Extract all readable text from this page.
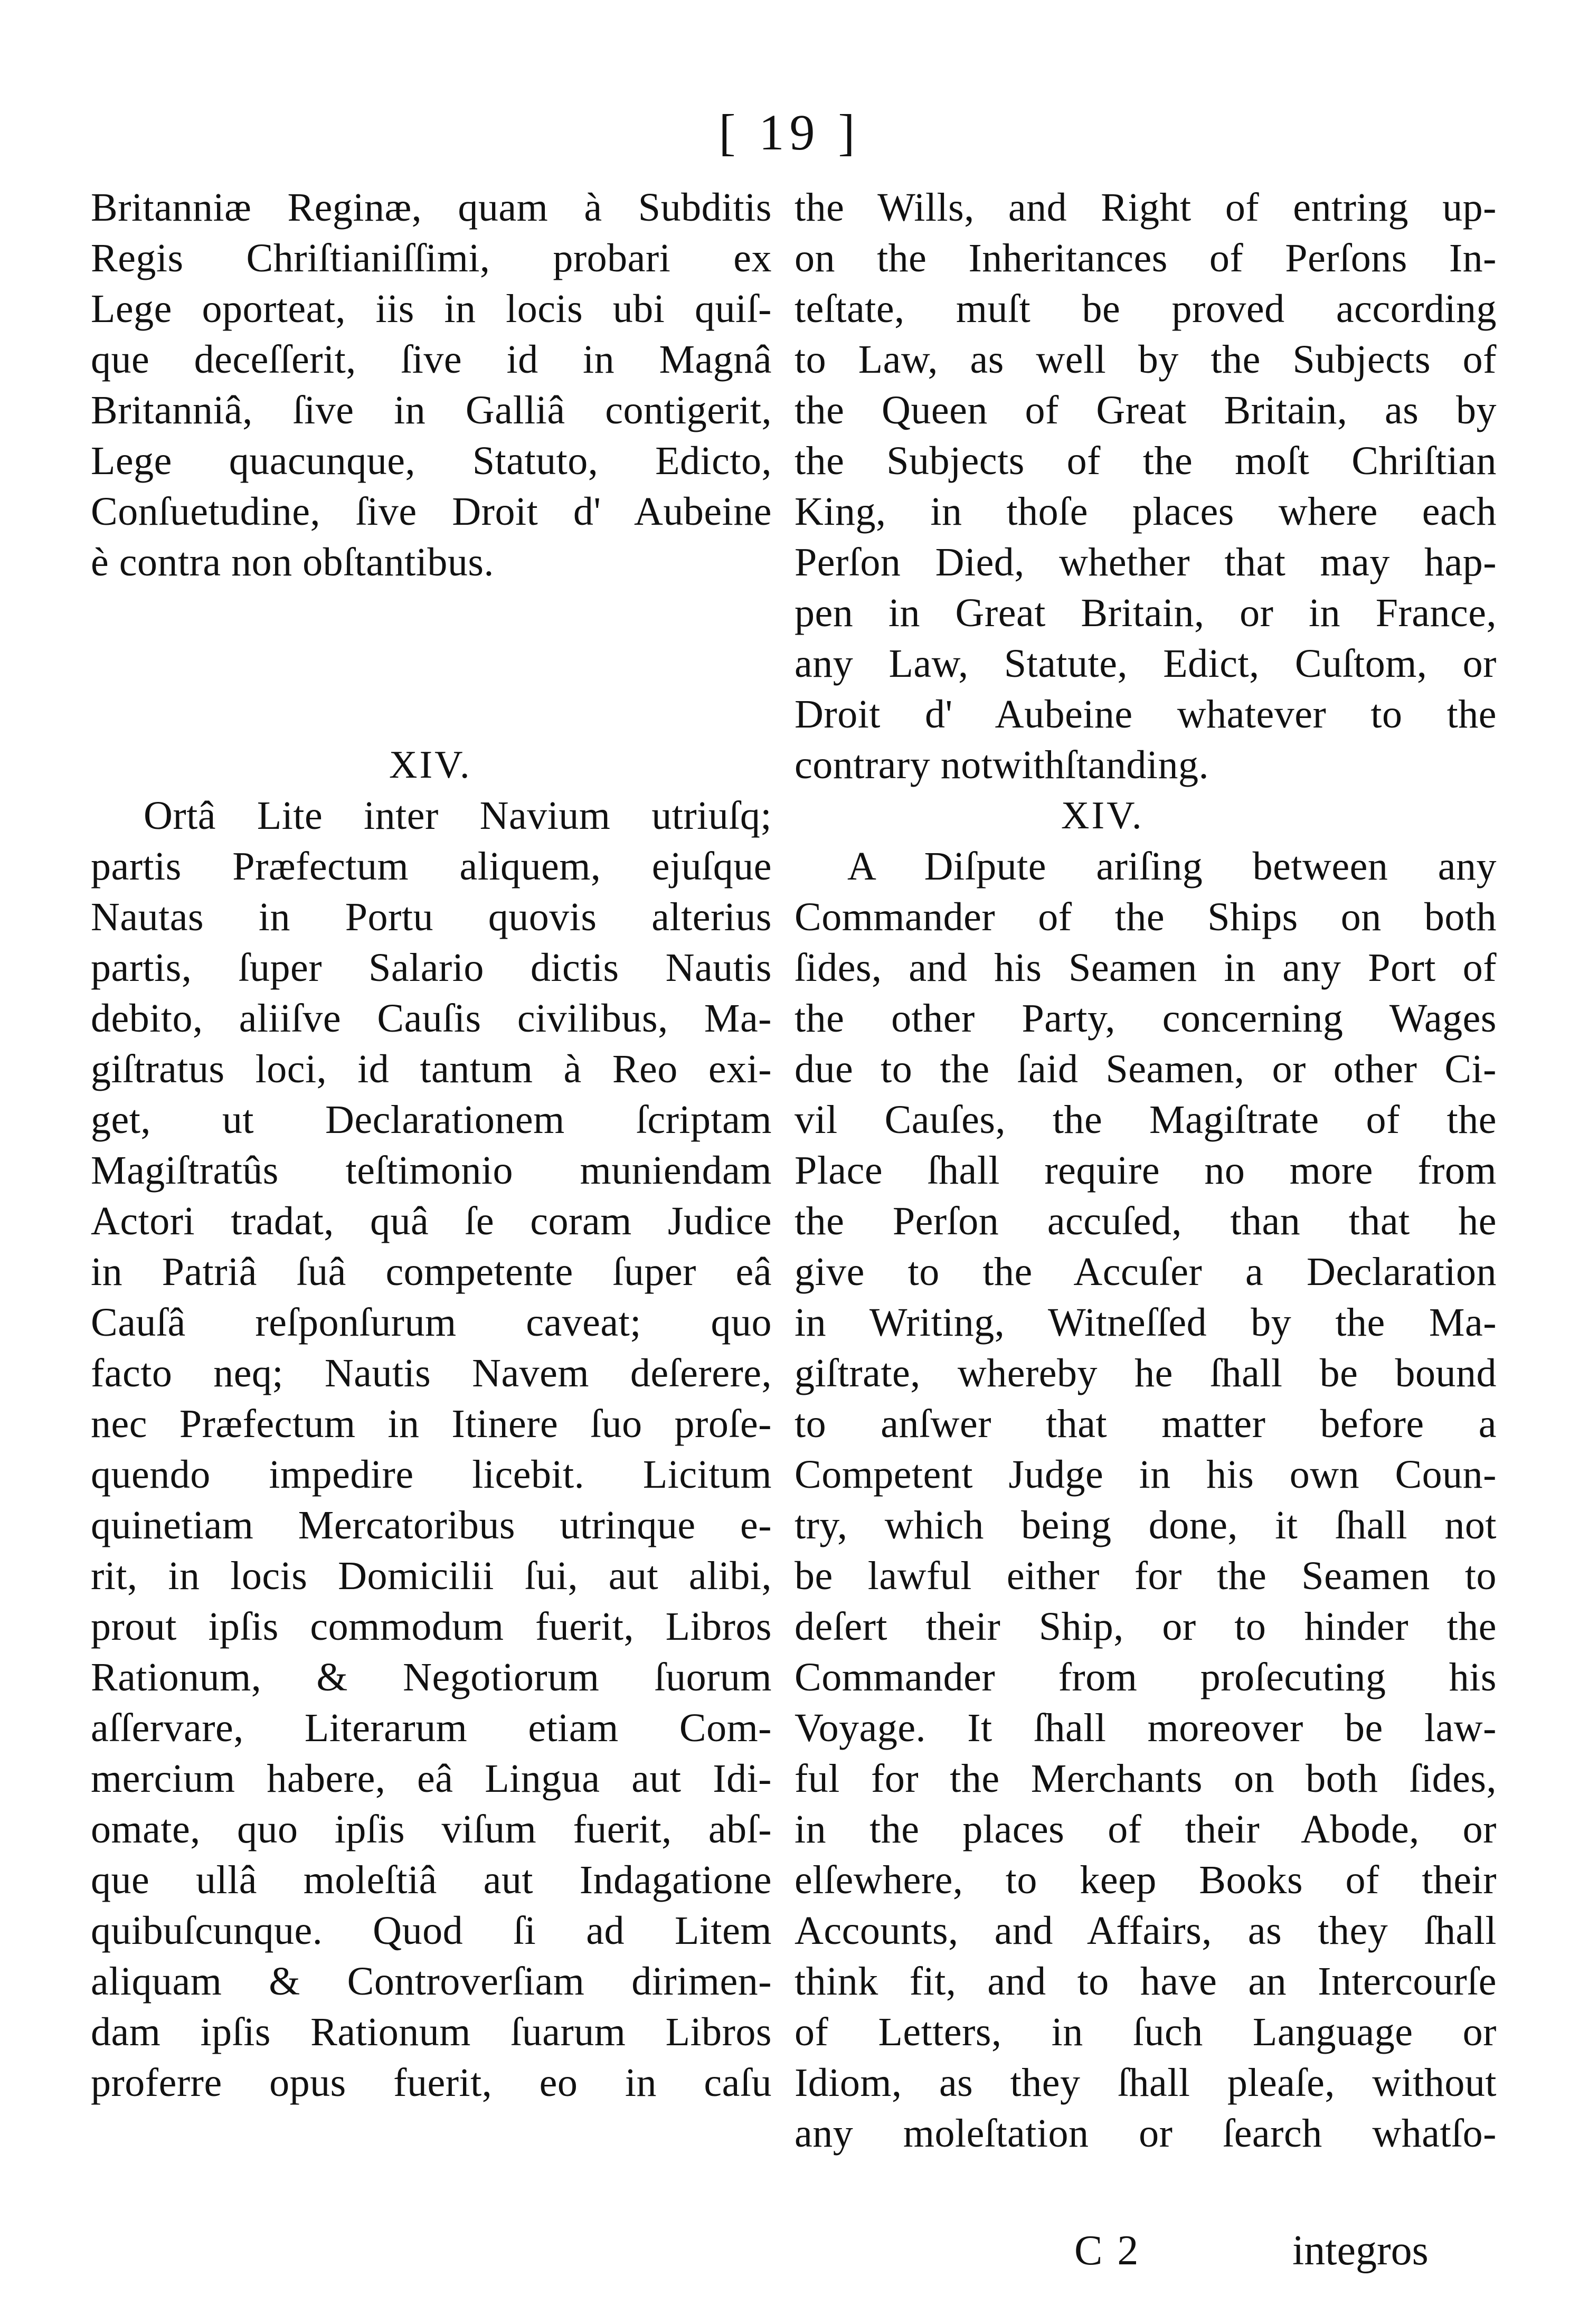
[ 19 ]
Britanniæ Reginæ, quam à Subditis
Regis Chriſtianiſſimi, probari ex
Lege oporteat, iis in locis ubi quiſ-
que deceſſerit, ſive id in Magnâ
Britanniâ, ſive in Galliâ contigerit,
Lege quacunque, Statuto, Edicto,
Conſuetudine, ſive Droit d' Aubeine
è contra non obſtantibus.
XIV.
Ortâ Lite inter Navium utriuſq;
partis Præfectum aliquem, ejuſque
Nautas in Portu quovis alterius
partis, ſuper Salario dictis Nautis
debito, aliiſve Cauſis civilibus, Ma-
giſtratus loci, id tantum à Reo exi-
get, ut Declarationem ſcriptam
Magiſtratûs teſtimonio muniendam
Actori tradat, quâ ſe coram Judice
in Patriâ ſuâ competente ſuper eâ
Cauſâ reſponſurum caveat; quo
facto neq; Nautis Navem deſerere,
nec Præfectum in Itinere ſuo proſe-
quendo impedire licebit. Licitum
quinetiam Mercatoribus utrinque e-
rit, in locis Domicilii ſui, aut alibi,
prout ipſis commodum fuerit, Libros
Rationum, & Negotiorum ſuorum
aſſervare, Literarum etiam Com-
mercium habere, eâ Lingua aut Idi-
omate, quo ipſis viſum fuerit, abſ-
que ullâ moleſtiâ aut Indagatione
quibuſcunque. Quod ſi ad Litem
aliquam & Controverſiam dirimen-
dam ipſis Rationum ſuarum Libros
proferre opus fuerit, eo in caſu
the Wills, and Right of entring up-
on the Inheritances of Perſons In-
teſtate, muſt be proved according
to Law, as well by the Subjects of
the Queen of Great Britain, as by
the Subjects of the moſt Chriſtian
King, in thoſe places where each
Perſon Died, whether that may hap-
pen in Great Britain, or in France,
any Law, Statute, Edict, Cuſtom, or
Droit d' Aubeine whatever to the
contrary notwithſtanding.
XIV.
A Diſpute ariſing between any
Commander of the Ships on both
ſides, and his Seamen in any Port of
the other Party, concerning Wages
due to the ſaid Seamen, or other Ci-
vil Cauſes, the Magiſtrate of the
Place ſhall require no more from
the Perſon accuſed, than that he
give to the Accuſer a Declaration
in Writing, Witneſſed by the Ma-
giſtrate, whereby he ſhall be bound
to anſwer that matter before a
Competent Judge in his own Coun-
try, which being done, it ſhall not
be lawful either for the Seamen to
deſert their Ship, or to hinder the
Commander from proſecuting his
Voyage. It ſhall moreover be law-
ful for the Merchants on both ſides,
in the places of their Abode, or
elſewhere, to keep Books of their
Accounts, and Affairs, as they ſhall
think fit, and to have an Intercourſe
of Letters, in ſuch Language or
Idiom, as they ſhall pleaſe, without
any moleſtation or ſearch whatſo-
C 2	integros
